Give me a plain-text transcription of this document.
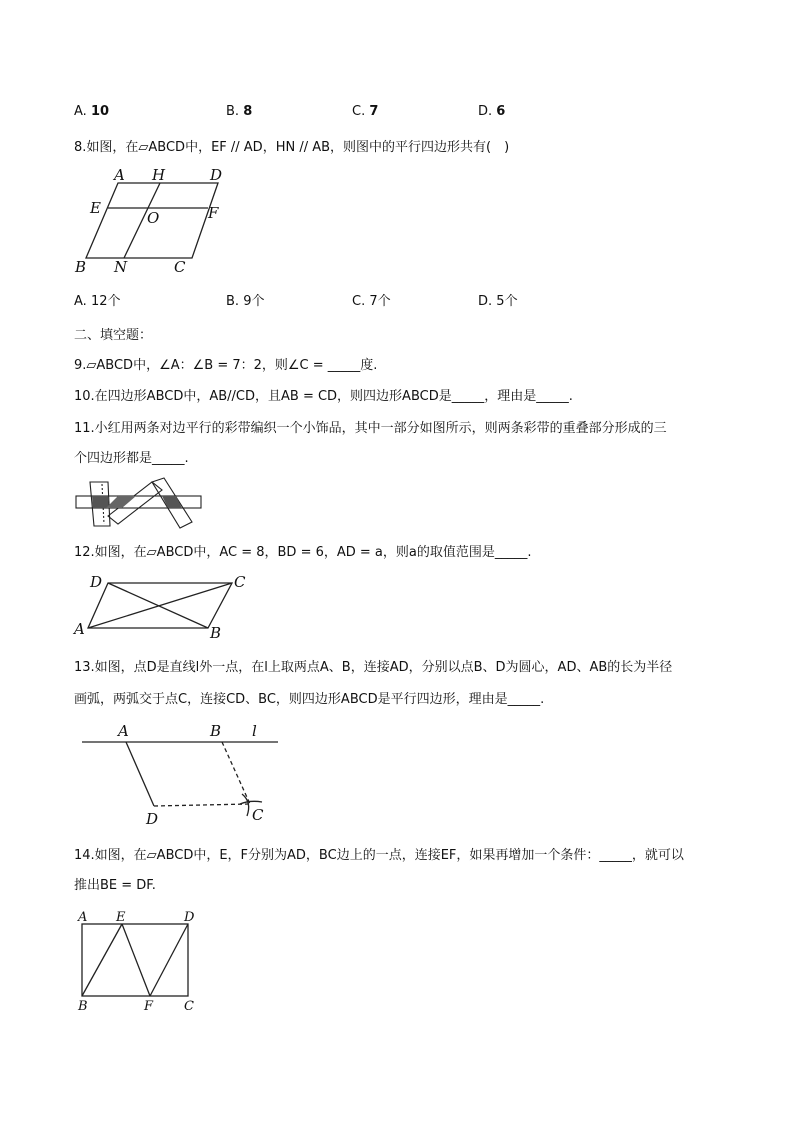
A. 10	B. 8	C. 7	D. 6
8.如图，在▱ABCD中，EF // AD，HN // AB，则图中的平行四边形共有(　)
A H	D
E
O	F
B N	C
A. 12个	B. 9个	C. 7个	D. 5个
二、填空题：
9.▱ABCD中，∠A：∠B = 7：2，则∠C = _____度.
10.在四边形ABCD中，AB//CD，且AB = CD，则四边形ABCD是_____，理由是_____.
11.小红用两条对边平行的彩带编织一个小饰品，其中一部分如图所示，则两条彩带的重叠部分形成的三
个四边形都是_____.
12.如图，在▱ABCD中，AC = 8，BD = 6，AD = a，则a的取值范围是_____.
D	C
A	B
13.如图，点D是直线l外一点，在l上取两点A、B，连接AD，分别以点B、D为圆心，AD、AB的长为半径
画弧，两弧交于点C，连接CD、BC，则四边形ABCD是平行四边形，理由是_____.
A	B l
D	C
14.如图，在▱ABCD中，E，F分别为AD，BC边上的一点，连接EF，如果再增加一个条件：_____，就可以
推出BE = DF.
A E	D
B	F C
